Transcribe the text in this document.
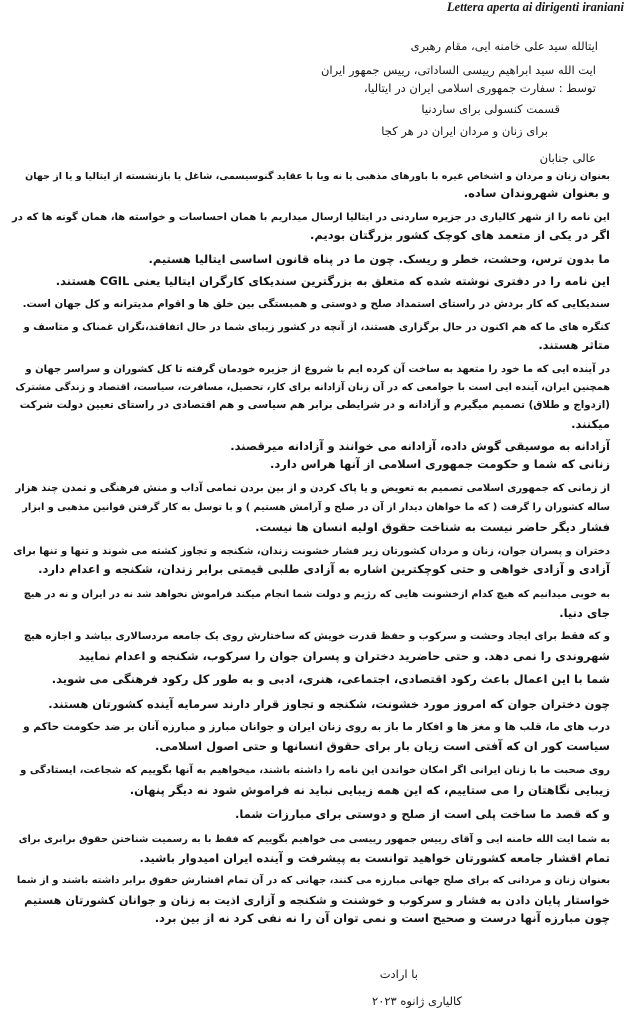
Lettera aperta ai dirigenti iraniani
ایتالله سید علی خامنه ایی، مقام رهبری
ایت الله سید ابراهیم رییسی الساداتی، رییس جمهور ایران
توسط : سفارت جمهوری اسلامی ایران در ایتالیا،
قسمت کنسولی برای ساردنیا
برای زنان و مردان ایران در هر کجا
عالی جنابان
بعنوان زنان و مردان و اشخاص غیره با باورهای مذهبی یا نه وبا با عقاید گنوسیسمی، شاغل یا بازنشسته از ایتالیا و یا از جهان
و بعنوان شهروندان ساده.
این نامه را از شهر کالیاری در جزیره ساردنی در ایتالیا ارسال میداریم با همان احساسات و خواسته ها، همان گونه ها که در
اگر در یکی از متعمد های کوچک کشور بزرگتان بودیم.
ما بدون ترس، وحشت، خطر و ریسک. چون ما در پناه قانون اساسی ایتالیا هستیم.
این نامه را در دفتری نوشته شده که متعلق به بزرگترین سندیکای کارگران ایتالیا یعنی CGIL هستند.
سندیکایی که کار بردش در راستای استمداد صلح و دوستی و همبستگی بین خلق ها و اقوام مدیترانه و کل جهان است.
کنگره های ما که هم اکنون در حال برگزاری هستند، از آنچه در کشور زیبای شما در حال اتفاقند،نگران غمناک و متاسف و
متاثر هستند.
در آینده ایی که ما خود را متعهد به ساخت آن کرده ایم با شروع از جزیره خودمان گرفته تا کل کشوران و سراسر جهان و
همچنین ایران، آینده ایی است با جوامعی که در آن زنان آزادانه برای کار، تحصیل، مسافرت، سیاست، اقتصاد و زندگی مشترک
(ازدواج و طلاق) تصمیم میگیرم و آزادانه و در شرایطی برابر هم سیاسی و هم اقتصادی در راستای تعیین دولت شرکت
میکنند.
آزادانه به موسیقی گوش داده، آزادانه می خوانند و آزادانه میرقصند.
زنانی که شما و حکومت جمهوری اسلامی از آنها هراس دارد.
از زمانی که جمهوری اسلامی تصمیم به تعویض و یا پاک کردن و از بین بردن تمامی آداب و منش فرهنگی و تمدن چند هزار
ساله کشوران را گرفت ( که ما خواهان دیدار از آن در صلح و آرامش هستیم ) و با توسل به کار گرفتن قوانین مذهبی و ابزار
فشار دیگر حاضر نیست به شناخت حقوق اولیه انسان ها نیست.
دختران و پسران جوان، زنان و مردان کشورتان زیر فشار خشونت زندان، شکنجه و تجاوز کشته می شوند و تنها و تنها برای
آزادی و آزادی خواهی و حتی کوچکترین اشاره به آزادی طلبی قیمتی برابر زندان، شکنجه و اعدام دارد.
به خوبی میدانیم که هیچ کدام ازخشونت هایی که رژیم و دولت شما انجام میکند فراموش نخواهد شد نه در ایران و نه در هیچ
جای دنیا.
و که فقط برای ایجاد وحشت و سرکوب و حفظ قدرت خویش که ساختارش روی یک جامعه مردسالاری بیاشد و اجازه هیچ
شهروندی را نمی دهد. و حتی حاضرید دختران و پسران جوان را سرکوب، شکنجه و اعدام نمایید
شما با این اعمال باعث رکود اقتصادی، اجتماعی، هنری، ادبی و به طور کل رکود فرهنگی می شوید.
چون دختران جوان که امروز مورد خشونت، شکنجه و تجاوز قرار دارند سرمایه آینده کشورتان هستند.
درب های ما، قلب ها و مغز ها و افکار ما باز به روی زنان ایران و جوانان مبارز و مبارزه آنان بر ضد حکومت حاکم و
سیاست کور ان که آفتی است زیان بار برای حقوق انسانها و حتی اصول اسلامی.
روی صحبت ما با زنان ایرانی اگر امکان خواندن این نامه را داشته باشند، میخواهیم به آنها بگوییم که شجاعت، ایستادگی و
زیبایی نگاهتان را می ستاییم، که این همه زیبایی نباید نه فراموش شود نه دیگر پنهان.
و که قصد ما ساخت پلی است از صلح و دوستی برای مبارزات شما.
به شما ایت الله خامنه ایی و آقای رییس جمهور رییسی می خواهیم بگوییم که فقط با به رسمیت شناختن حقوق برابری برای
تمام اقشار جامعه کشورتان خواهید توانست به پیشرفت و آینده ایران امیدوار باشید.
بعنوان زنان و مردانی که برای صلح جهانی مبارزه می کنند، جهانی که در آن تمام اقشارش حقوق برابر داشته باشند و از شما
خواستار پایان دادن به فشار و سرکوب و خوشنت و شکنجه و آزاری اذیت به زنان و جوانان کشورتان هستیم
چون مبارزه آنها درست و صحیح است و نمی توان آن را نه نفی کرد نه از بین برد.
با ارادت
کالیاری ژانوه ۲۰۲۳
